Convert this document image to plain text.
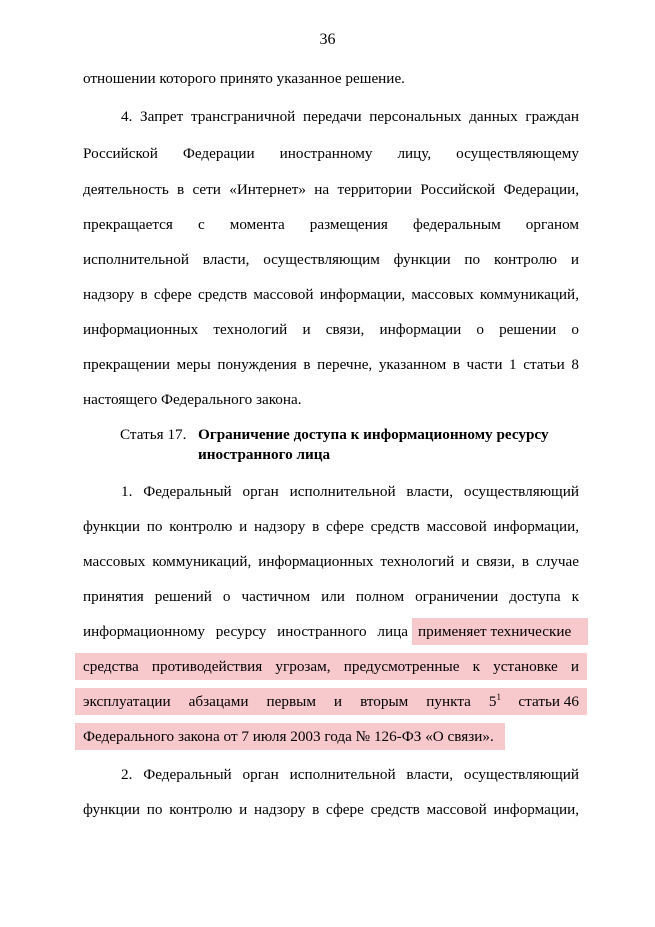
36
отношении которого принято указанное решение.
4. Запрет трансграничной передачи персональных данных граждан
Российской Федерации иностранному лицу, осуществляющему
деятельность в сети «Интернет» на территории Российской Федерации,
прекращается с момента размещения федеральным органом
исполнительной власти, осуществляющим функции по контролю и
надзору в сфере средств массовой информации, массовых коммуникаций,
информационных технологий и связи, информации о решении о
прекращении меры понуждения в перечне, указанном в части 1 статьи 8
настоящего Федерального закона.
Статья 17. Ограничение доступа к информационному ресурсу иностранного лица
1. Федеральный орган исполнительной власти, осуществляющий
функции по контролю и надзору в сфере средств массовой информации,
массовых коммуникаций, информационных технологий и связи, в случае
принятия решений о частичном или полном ограничении доступа к
информационному ресурсу иностранного лица применяет технические
средства противодействия угрозам, предусмотренные к установке и
эксплуатации абзацами первым и вторым пункта $5^1$	статьи 46
Федерального закона от 7 июля 2003 года № 126-ФЗ «О связи».
2. Федеральный орган исполнительной власти, осуществляющий
функции по контролю и надзору в сфере средств массовой информации,
